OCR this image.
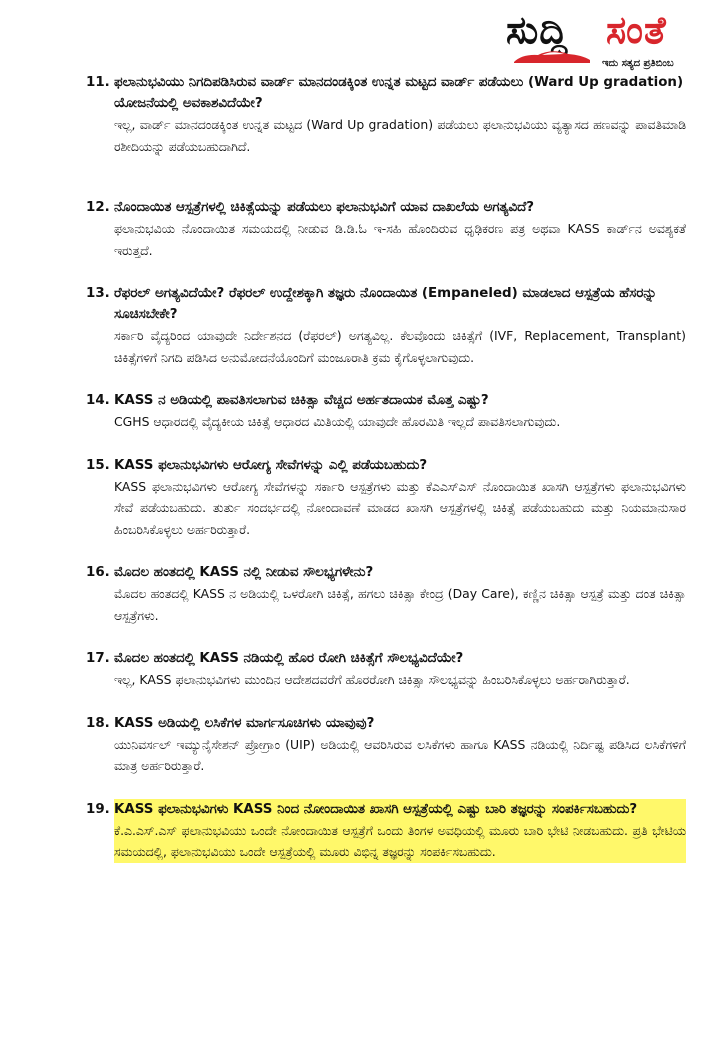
ಸುದ್ದಿ ಸಂತೆ
ಇದು ಸತ್ಯದ ಪ್ರತಿಬಿಂಬ
11. ಫಲಾನುಭವಿಯು ನಿಗದಿಪಡಿಸಿರುವ ವಾರ್ಡ್ ಮಾನದಂಡಕ್ಕಿಂತ ಉನ್ನತ ಮಟ್ಟದ ವಾರ್ಡ್ ಪಡೆಯಲು (Ward Up gradation) ಯೋಜನೆಯಲ್ಲಿ ಅವಕಾಶವಿದೆಯೇ?
ಇಲ್ಲ, ವಾರ್ಡ್ ಮಾನದಂಡಕ್ಕಿಂತ ಉನ್ನತ ಮಟ್ಟದ (Ward Up gradation) ಪಡೆಯಲು ಫಲಾನುಭವಿಯು ವ್ಯತ್ಯಾಸದ ಹಣವನ್ನು ಪಾವತಿಮಾಡಿ ರಶೀದಿಯನ್ನು ಪಡೆಯಬಹುದಾಗಿದೆ.
12. ನೊಂದಾಯಿತ ಆಸ್ಪತ್ರೆಗಳಲ್ಲಿ ಚಿಕಿತ್ಸೆಯನ್ನು ಪಡೆಯಲು ಫಲಾನುಭವಿಗೆ ಯಾವ ದಾಖಲೆಯ ಅಗತ್ಯವಿದೆ?
ಫಲಾನುಭವಿಯ ನೊಂದಾಯಿತ ಸಮಯದಲ್ಲಿ ನೀಡುವ ಡಿ.ಡಿ.ಓ ಇ-ಸಹಿ ಹೊಂದಿರುವ ಧೃಢಿಕರಣ ಪತ್ರ ಅಥವಾ KASS ಕಾರ್ಡ್‌ನ ಅವಶ್ಯಕತೆ ಇರುತ್ತದೆ.
13. ರೆಫರಲ್ ಅಗತ್ಯವಿದೆಯೇ? ರೆಫರಲ್ ಉದ್ದೇಶಕ್ಕಾಗಿ ತಜ್ಞರು ನೊಂದಾಯಿತ (Empaneled) ಮಾಡಲಾದ ಆಸ್ಪತ್ರೆಯ ಹೆಸರನ್ನು ಸೂಚಿಸಬೇಕೇ?
ಸರ್ಕಾರಿ ವೈದ್ಯರಿಂದ ಯಾವುದೇ ನಿರ್ದೇಶನದ (ರೆಫರಲ್) ಅಗತ್ಯವಿಲ್ಲ. ಕೆಲವೊಂದು ಚಿಕಿತ್ಸೆಗೆ (IVF, Replacement, Transplant) ಚಿಕಿತ್ಸೆಗಳಿಗೆ ನಿಗದಿ ಪಡಿಸಿದ ಅನುಮೋದನೆಯೊಂದಿಗೆ ಮಂಜೂರಾತಿ ಕ್ರಮ ಕೈಗೊಳ್ಳಲಾಗುವುದು.
14. KASS ನ ಅಡಿಯಲ್ಲಿ ಪಾವತಿಸಲಾಗುವ ಚಿಕಿತ್ಸಾ ವೆಚ್ಚದ ಅರ್ಹತದಾಯಕ ಮೊತ್ತ ಎಷ್ಟು?
CGHS ಆಧಾರದಲ್ಲಿ ವೈದ್ಯಕೀಯ ಚಿಕಿತ್ಸೆ ಆಧಾರದ ಮಿತಿಯಲ್ಲಿ ಯಾವುದೇ ಹೊರಮಿತಿ ಇಲ್ಲದೆ ಪಾವತಿಸಲಾಗುವುದು.
15. KASS ಫಲಾನುಭವಿಗಳು ಆರೋಗ್ಯ ಸೇವೆಗಳನ್ನು ಎಲ್ಲಿ ಪಡೆಯಬಹುದು?
KASS ಫಲಾನುಭವಿಗಳು ಆರೋಗ್ಯ ಸೇವೆಗಳನ್ನು ಸರ್ಕಾರಿ ಆಸ್ಪತ್ರೆಗಳು ಮತ್ತು ಕೆಎಎಸ್‌ಎಸ್ ನೊಂದಾಯಿತ ಖಾಸಗಿ ಆಸ್ಪತ್ರೆಗಳು ಫಲಾನುಭವಿಗಳು ಸೇವೆ ಪಡೆಯಬಹುದು. ತುರ್ತು ಸಂದರ್ಭದಲ್ಲಿ ನೋಂದಾವಣೆ ಮಾಡದ ಖಾಸಗಿ ಆಸ್ಪತ್ರೆಗಳಲ್ಲಿ ಚಿಕಿತ್ಸೆ ಪಡೆಯಬಹುದು ಮತ್ತು ನಿಯಮಾನುಸಾರ ಹಿಂಬರಿಸಿಕೊಳ್ಳಲು ಅರ್ಹರಿರುತ್ತಾರೆ.
16. ಮೊದಲ ಹಂತದಲ್ಲಿ KASS ನಲ್ಲಿ ನೀಡುವ ಸೌಲಭ್ಯಗಳೇನು?
ಮೊದಲ ಹಂತದಲ್ಲಿ KASS ನ ಅಡಿಯಲ್ಲಿ ಒಳರೋಗಿ ಚಿಕಿತ್ಸೆ, ಹಗಲು ಚಿಕಿತ್ಸಾ ಕೇಂದ್ರ (Day Care), ಕಣ್ಣಿನ ಚಿಕಿತ್ಸಾ ಆಸ್ಪತ್ರೆ ಮತ್ತು ದಂತ ಚಿಕಿತ್ಸಾ ಆಸ್ಪತ್ರೆಗಳು.
17. ಮೊದಲ ಹಂತದಲ್ಲಿ KASS ನಡಿಯಲ್ಲಿ ಹೊರ ರೋಗಿ ಚಿಕಿತ್ಸೆಗೆ ಸೌಲಭ್ಯವಿದೆಯೇ?
ಇಲ್ಲ, KASS ಫಲಾನುಭವಿಗಳು ಮುಂದಿನ ಆದೇಶದವರೆಗೆ ಹೊರರೋಗಿ ಚಿಕಿತ್ಸಾ ಸೌಲಭ್ಯವನ್ನು ಹಿಂಬರಿಸಿಕೊಳ್ಳಲು ಅರ್ಹರಾಗಿರುತ್ತಾರೆ.
18. KASS ಅಡಿಯಲ್ಲಿ ಲಸಿಕೆಗಳ ಮಾರ್ಗಸೂಚಿಗಳು ಯಾವುವು?
ಯುನಿವರ್ಸಲ್ ಇಮ್ಯುನೈಸೇಶನ್ ಪ್ರೋಗ್ರಾಂ (UIP) ಅಡಿಯಲ್ಲಿ ಆವರಿಸಿರುವ ಲಸಿಕೆಗಳು ಹಾಗೂ KASS ನಡಿಯಲ್ಲಿ ನಿರ್ದಿಷ್ಟ ಪಡಿಸಿದ ಲಸಿಕೆಗಳಿಗೆ ಮಾತ್ರ ಅರ್ಹರಿರುತ್ತಾರೆ.
19. KASS ಫಲಾನುಭವಿಗಳು KASS ನಿಂದ ನೋಂದಾಯಿತ ಖಾಸಗಿ ಆಸ್ಪತ್ರೆಯಲ್ಲಿ ಎಷ್ಟು ಬಾರಿ ತಜ್ಞರನ್ನು ಸಂಪರ್ಕಿಸಬಹುದು?
ಕೆ.ಎ.ಎಸ್.ಎಸ್ ಫಲಾನುಭವಿಯು ಒಂದೇ ನೋಂದಾಯಿತ ಆಸ್ಪತ್ರೆಗೆ ಒಂದು ತಿಂಗಳ ಅವಧಿಯಲ್ಲಿ ಮೂರು ಬಾರಿ ಭೇಟಿ ನೀಡಬಹುದು. ಪ್ರತಿ ಭೇಟಿಯ ಸಮಯದಲ್ಲಿ, ಫಲಾನುಭವಿಯು ಒಂದೇ ಆಸ್ಪತ್ರೆಯಲ್ಲಿ ಮೂರು ವಿಭಿನ್ನ ತಜ್ಞರನ್ನು ಸಂಪರ್ಕಿಸಬಹುದು.
